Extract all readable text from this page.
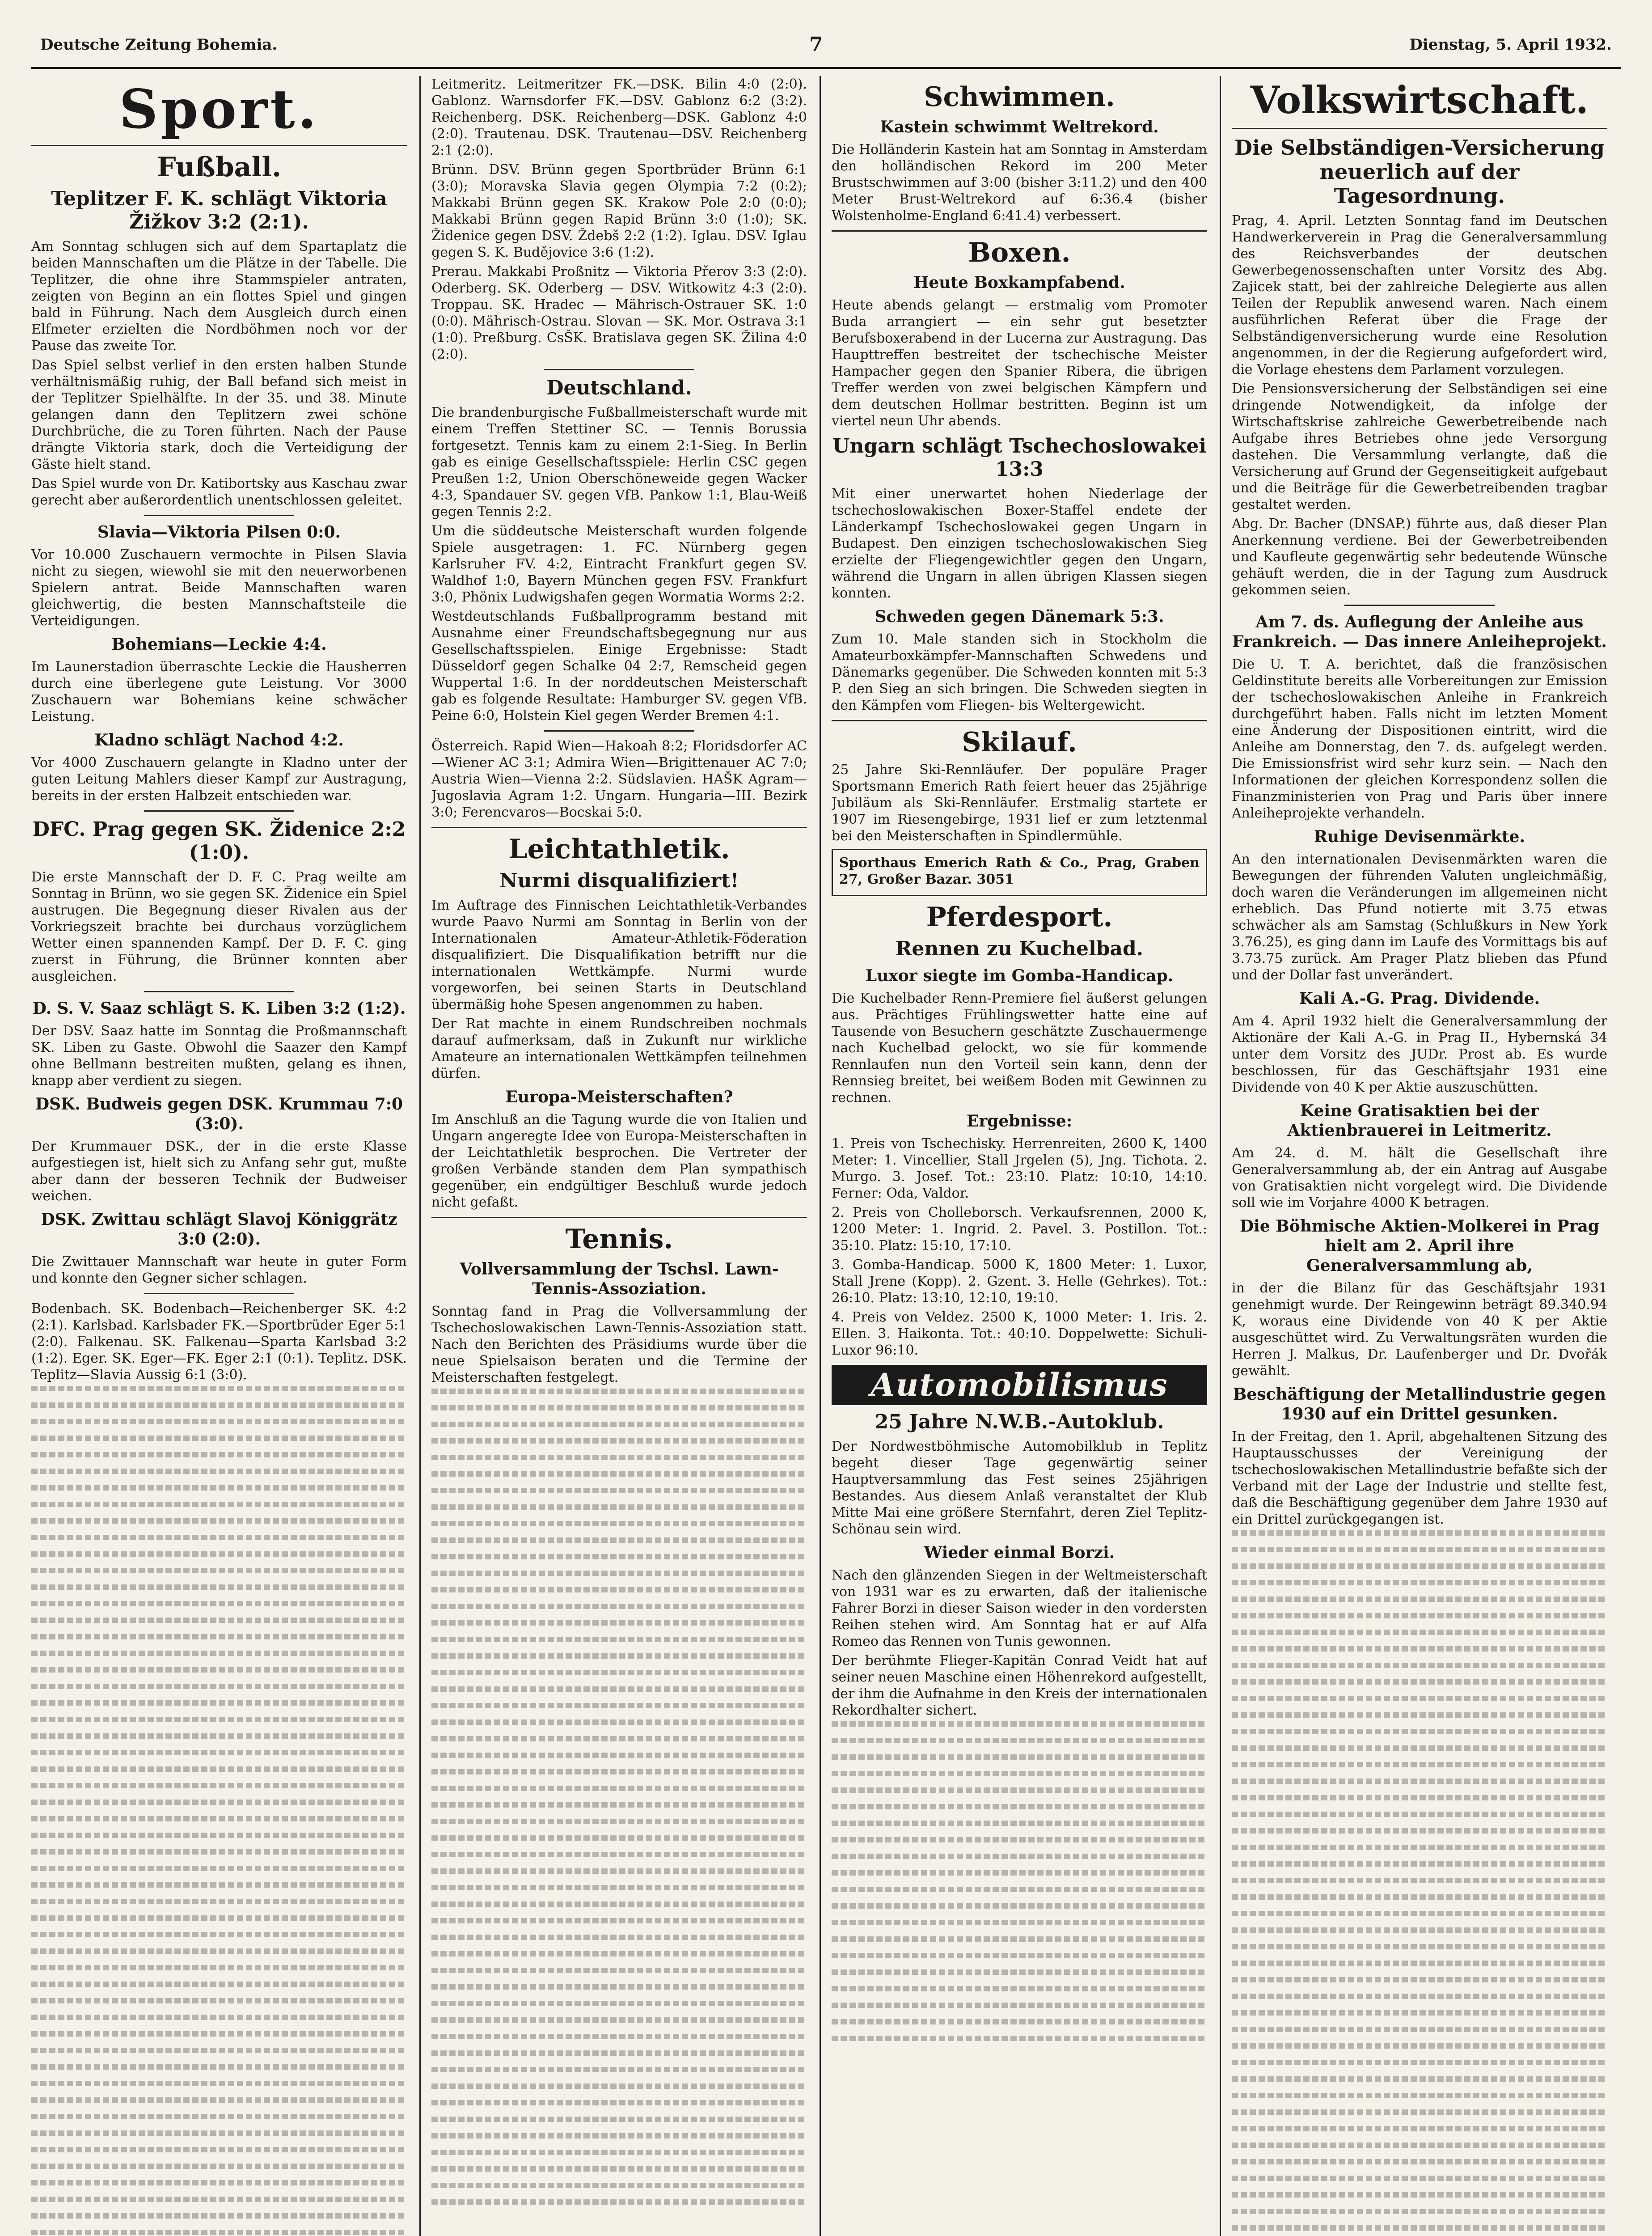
Deutsche Zeitung Bohemia.	7	Dienstag, 5. April 1932.
Sport.
Fußball.
Teplitzer F. K. schlägt Viktoria Žižkov 3:2 (2:1).

Am Sonntag schlugen sich auf dem Spartaplatz die beiden Mannschaften um die Plätze in der Tabelle. Die Teplitzer, die ohne ihre Stammspieler antraten, zeigten von Beginn an ein flottes Spiel und gingen bald in Führung. Nach dem Ausgleich durch einen Elfmeter erzielten die Nordböhmen noch vor der Pause das zweite Tor.

Das Spiel selbst verlief in den ersten halben Stunde verhältnismäßig ruhig, der Ball befand sich meist in der Teplitzer Spielhälfte. In der 35. und 38. Minute gelangen dann den Teplitzern zwei schöne Durchbrüche, die zu Toren führten. Nach der Pause drängte Viktoria stark, doch die Verteidigung der Gäste hielt stand.

Das Spiel wurde von Dr. Katibortsky aus Kaschau zwar gerecht aber außerordentlich unentschlossen geleitet.

Slavia—Viktoria Pilsen 0:0.

Vor 10.000 Zuschauern vermochte in Pilsen Slavia nicht zu siegen, wiewohl sie mit den neuerworbenen Spielern antrat. Beide Mannschaften waren gleichwertig, die besten Mannschaftsteile die Verteidigungen.

Bohemians—Leckie 4:4.

Im Launerstadion überraschte Leckie die Hausherren durch eine überlegene gute Leistung. Vor 3000 Zuschauern war Bohemians keine schwächer Leistung.

Kladno schlägt Nachod 4:2.

Vor 4000 Zuschauern gelangte in Kladno unter der guten Leitung Mahlers dieser Kampf zur Austragung, bereits in der ersten Halbzeit entschieden war.

DFC. Prag gegen SK. Židenice 2:2 (1:0).

Die erste Mannschaft der D. F. C. Prag weilte am Sonntag in Brünn, wo sie gegen SK. Židenice ein Spiel austrugen. Die Begegnung dieser Rivalen aus der Vorkriegszeit brachte bei durchaus vorzüglichem Wetter einen spannenden Kampf. Der D. F. C. ging zuerst in Führung, die Brünner konnten aber ausgleichen.

D. S. V. Saaz schlägt S. K. Liben 3:2 (1:2).

Der DSV. Saaz hatte im Sonntag die Proßmannschaft SK. Liben zu Gaste. Obwohl die Saazer den Kampf ohne Bellmann bestreiten mußten, gelang es ihnen, knapp aber verdient zu siegen.

DSK. Budweis gegen DSK. Krummau 7:0 (3:0).

Der Krummauer DSK., der in die erste Klasse aufgestiegen ist, hielt sich zu Anfang sehr gut, mußte aber dann der besseren Technik der Budweiser weichen.

DSK. Zwittau schlägt Slavoj Königgrätz 3:0 (2:0).

Die Zwittauer Mannschaft war heute in guter Form und konnte den Gegner sicher schlagen.

Bodenbach. SK. Bodenbach—Reichenberger SK. 4:2 (2:1). Karlsbad. Karlsbader FK.—Sportbrüder Eger 5:1 (2:0). Falkenau. SK. Falkenau—Sparta Karlsbad 3:2 (1:2). Eger. SK. Eger—FK. Eger 2:1 (0:1). Teplitz. DSK. Teplitz—Slavia Aussig 6:1 (3:0).

Leitmeritz. Leitmeritzer FK.—DSK. Bilin 4:0 (2:0). Gablonz. Warnsdorfer FK.—DSV. Gablonz 6:2 (3:2). Reichenberg. DSK. Reichenberg—DSK. Gablonz 4:0 (2:0). Trautenau. DSK. Trautenau—DSV. Reichenberg 2:1 (2:0).

Brünn. DSV. Brünn gegen Sportbrüder Brünn 6:1 (3:0); Moravska Slavia gegen Olympia 7:2 (0:2); Makkabi Brünn gegen SK. Krakow Pole 2:0 (0:0); Makkabi Brünn gegen Rapid Brünn 3:0 (1:0); SK. Židenice gegen DSV. Ždebš 2:2 (1:2). Iglau. DSV. Iglau gegen S. K. Budějovice 3:6 (1:2).

Prerau. Makkabi Proßnitz — Viktoria Přerov 3:3 (2:0). Oderberg. SK. Oderberg — DSV. Witkowitz 4:3 (2:0). Troppau. SK. Hradec — Mährisch-Ostrauer SK. 1:0 (0:0). Mährisch-Ostrau. Slovan — SK. Mor. Ostrava 3:1 (1:0). Preßburg. CsŠK. Bratislava gegen SK. Žilina 4:0 (2:0).

Deutschland.

Die brandenburgische Fußballmeisterschaft wurde mit einem Treffen Stettiner SC. — Tennis Borussia fortgesetzt. Tennis kam zu einem 2:1-Sieg. In Berlin gab es einige Gesellschaftsspiele: Herlin CSC gegen Preußen 1:2, Union Oberschöneweide gegen Wacker 4:3, Spandauer SV. gegen VfB. Pankow 1:1, Blau-Weiß gegen Tennis 2:2.

Um die süddeutsche Meisterschaft wurden folgende Spiele ausgetragen: 1. FC. Nürnberg gegen Karlsruher FV. 4:2, Eintracht Frankfurt gegen SV. Waldhof 1:0, Bayern München gegen FSV. Frankfurt 3:0, Phönix Ludwigshafen gegen Wormatia Worms 2:2.

Westdeutschlands Fußballprogramm bestand mit Ausnahme einer Freundschaftsbegegnung nur aus Gesellschaftsspielen. Einige Ergebnisse: Stadt Düsseldorf gegen Schalke 04 2:7, Remscheid gegen Wuppertal 1:6. In der norddeutschen Meisterschaft gab es folgende Resultate: Hamburger SV. gegen VfB. Peine 6:0, Holstein Kiel gegen Werder Bremen 4:1.

Österreich. Rapid Wien—Hakoah 8:2; Floridsdorfer AC—Wiener AC 3:1; Admira Wien—Brigittenauer AC 7:0; Austria Wien—Vienna 2:2. Südslavien. HAŠK Agram—Jugoslavia Agram 1:2. Ungarn. Hungaria—III. Bezirk 3:0; Ferencvaros—Bocskai 5:0.

Leichtathletik.
Nurmi disqualifiziert!

Im Auftrage des Finnischen Leichtathletik-Verbandes wurde Paavo Nurmi am Sonntag in Berlin von der Internationalen Amateur-Athletik-Föderation disqualifiziert. Die Disqualifikation betrifft nur die internationalen Wettkämpfe. Nurmi wurde vorgeworfen, bei seinen Starts in Deutschland übermäßig hohe Spesen angenommen zu haben.

Der Rat machte in einem Rundschreiben nochmals darauf aufmerksam, daß in Zukunft nur wirkliche Amateure an internationalen Wettkämpfen teilnehmen dürfen.

Europa-Meisterschaften?

Im Anschluß an die Tagung wurde die von Italien und Ungarn angeregte Idee von Europa-Meisterschaften in der Leichtathletik besprochen. Die Vertreter der großen Verbände standen dem Plan sympathisch gegenüber, ein endgültiger Beschluß wurde jedoch nicht gefaßt.

Tennis.
Vollversammlung der Tschsl. Lawn-Tennis-Assoziation.

Sonntag fand in Prag die Vollversammlung der Tschechoslowakischen Lawn-Tennis-Assoziation statt. Nach den Berichten des Präsidiums wurde über die neue Spielsaison beraten und die Termine der Meisterschaften festgelegt.

Schwimmen.
Kastein schwimmt Weltrekord.

Die Holländerin Kastein hat am Sonntag in Amsterdam den holländischen Rekord im 200 Meter Brustschwimmen auf 3:00 (bisher 3:11.2) und den 400 Meter Brust-Weltrekord auf 6:36.4 (bisher Wolstenholme-England 6:41.4) verbessert.

Boxen.
Heute Boxkampfabend.

Heute abends gelangt — erstmalig vom Promoter Buda arrangiert — ein sehr gut besetzter Berufsboxerabend in der Lucerna zur Austragung. Das Haupttreffen bestreitet der tschechische Meister Hampacher gegen den Spanier Ribera, die übrigen Treffer werden von zwei belgischen Kämpfern und dem deutschen Hollmar bestritten. Beginn ist um viertel neun Uhr abends.

Ungarn schlägt Tschechoslowakei 13:3

Mit einer unerwartet hohen Niederlage der tschechoslowakischen Boxer-Staffel endete der Länderkampf Tschechoslowakei gegen Ungarn in Budapest. Den einzigen tschechoslowakischen Sieg erzielte der Fliegengewichtler gegen den Ungarn, während die Ungarn in allen übrigen Klassen siegen konnten.

Schweden gegen Dänemark 5:3.

Zum 10. Male standen sich in Stockholm die Amateurboxkämpfer-Mannschaften Schwedens und Dänemarks gegenüber. Die Schweden konnten mit 5:3 P. den Sieg an sich bringen. Die Schweden siegten in den Kämpfen vom Fliegen- bis Weltergewicht.

Skilauf.

25 Jahre Ski-Rennläufer. Der populäre Prager Sportsmann Emerich Rath feiert heuer das 25jährige Jubiläum als Ski-Rennläufer. Erstmalig startete er 1907 im Riesengebirge, 1931 lief er zum letztenmal bei den Meisterschaften in Spindlermühle.

Sporthaus Emerich Rath & Co., Prag, Graben 27, Großer Bazar. 3051

Pferdesport.
Rennen zu Kuchelbad.
Luxor siegte im Gomba-Handicap.

Die Kuchelbader Renn-Premiere fiel äußerst gelungen aus. Prächtiges Frühlingswetter hatte eine auf Tausende von Besuchern geschätzte Zuschauermenge nach Kuchelbad gelockt, wo sie für kommende Rennlaufen nun den Vorteil sein kann, denn der Rennsieg breitet, bei weißem Boden mit Gewinnen zu rechnen.

Ergebnisse:

1. Preis von Tschechisky. Herrenreiten, 2600 K, 1400 Meter: 1. Vincellier, Stall Jrgelen (5), Jng. Tichota. 2. Murgo. 3. Josef. Tot.: 23:10. Platz: 10:10, 14:10. Ferner: Oda, Valdor.

2. Preis von Cholleborsch. Verkaufsrennen, 2000 K, 1200 Meter: 1. Ingrid. 2. Pavel. 3. Postillon. Tot.: 35:10. Platz: 15:10, 17:10.

3. Gomba-Handicap. 5000 K, 1800 Meter: 1. Luxor, Stall Jrene (Kopp). 2. Gzent. 3. Helle (Gehrkes). Tot.: 26:10. Platz: 13:10, 12:10, 19:10.

4. Preis von Veldez. 2500 K, 1000 Meter: 1. Iris. 2. Ellen. 3. Haikonta. Tot.: 40:10. Doppelwette: Sichuli-Luxor 96:10.

Automobilismus
25 Jahre N.W.B.-Autoklub.

Der Nordwestböhmische Automobilklub in Teplitz begeht dieser Tage gegenwärtig seiner Hauptversammlung das Fest seines 25jährigen Bestandes. Aus diesem Anlaß veranstaltet der Klub Mitte Mai eine größere Sternfahrt, deren Ziel Teplitz-Schönau sein wird.

Wieder einmal Borzi.

Nach den glänzenden Siegen in der Weltmeisterschaft von 1931 war es zu erwarten, daß der italienische Fahrer Borzi in dieser Saison wieder in den vordersten Reihen stehen wird. Am Sonntag hat er auf Alfa Romeo das Rennen von Tunis gewonnen.

Der berühmte Flieger-Kapitän Conrad Veidt hat auf seiner neuen Maschine einen Höhenrekord aufgestellt, der ihm die Aufnahme in den Kreis der internationalen Rekordhalter sichert.

Volkswirtschaft.
Die Selbständigen-Versicherung neuerlich auf der Tagesordnung.

Prag, 4. April. Letzten Sonntag fand im Deutschen Handwerkerverein in Prag die Generalversammlung des Reichsverbandes der deutschen Gewerbegenossenschaften unter Vorsitz des Abg. Zajicek statt, bei der zahlreiche Delegierte aus allen Teilen der Republik anwesend waren. Nach einem ausführlichen Referat über die Frage der Selbständigenversicherung wurde eine Resolution angenommen, in der die Regierung aufgefordert wird, die Vorlage ehestens dem Parlament vorzulegen.

Die Pensionsversicherung der Selbständigen sei eine dringende Notwendigkeit, da infolge der Wirtschaftskrise zahlreiche Gewerbetreibende nach Aufgabe ihres Betriebes ohne jede Versorgung dastehen. Die Versammlung verlangte, daß die Versicherung auf Grund der Gegenseitigkeit aufgebaut und die Beiträge für die Gewerbetreibenden tragbar gestaltet werden.

Abg. Dr. Bacher (DNSAP.) führte aus, daß dieser Plan Anerkennung verdiene. Bei der Gewerbetreibenden und Kaufleute gegenwärtig sehr bedeutende Wünsche gehäuft werden, die in der Tagung zum Ausdruck gekommen seien.

Am 7. ds. Auflegung der Anleihe aus Frankreich. — Das innere Anleiheprojekt.

Die U. T. A. berichtet, daß die französischen Geldinstitute bereits alle Vorbereitungen zur Emission der tschechoslowakischen Anleihe in Frankreich durchgeführt haben. Falls nicht im letzten Moment eine Änderung der Dispositionen eintritt, wird die Anleihe am Donnerstag, den 7. ds. aufgelegt werden. Die Emissionsfrist wird sehr kurz sein. — Nach den Informationen der gleichen Korrespondenz sollen die Finanzministerien von Prag und Paris über innere Anleiheprojekte verhandeln.

Ruhige Devisenmärkte.

An den internationalen Devisenmärkten waren die Bewegungen der führenden Valuten ungleichmäßig, doch waren die Veränderungen im allgemeinen nicht erheblich. Das Pfund notierte mit 3.75 etwas schwächer als am Samstag (Schlußkurs in New York 3.76.25), es ging dann im Laufe des Vormittags bis auf 3.73.75 zurück. Am Prager Platz blieben das Pfund und der Dollar fast unverändert.

Kali A.-G. Prag. Dividende.

Am 4. April 1932 hielt die Generalversammlung der Aktionäre der Kali A.-G. in Prag II., Hybernská 34 unter dem Vorsitz des JUDr. Prost ab. Es wurde beschlossen, für das Geschäftsjahr 1931 eine Dividende von 40 K per Aktie auszuschütten.

Keine Gratisaktien bei der Aktienbrauerei in Leitmeritz.

Am 24. d. M. hält die Gesellschaft ihre Generalversammlung ab, der ein Antrag auf Ausgabe von Gratisaktien nicht vorgelegt wird. Die Dividende soll wie im Vorjahre 4000 K betragen.

Die Böhmische Aktien-Molkerei in Prag hielt am 2. April ihre Generalversammlung ab,

in der die Bilanz für das Geschäftsjahr 1931 genehmigt wurde. Der Reingewinn beträgt 89.340.94 K, woraus eine Dividende von 40 K per Aktie ausgeschüttet wird. Zu Verwaltungsräten wurden die Herren J. Malkus, Dr. Laufenberger und Dr. Dvořák gewählt.

Beschäftigung der Metallindustrie gegen 1930 auf ein Drittel gesunken.

In der Freitag, den 1. April, abgehaltenen Sitzung des Hauptausschusses der Vereinigung der tschechoslowakischen Metallindustrie befaßte sich der Verband mit der Lage der Industrie und stellte fest, daß die Beschäftigung gegenüber dem Jahre 1930 auf ein Drittel zurückgegangen ist.
